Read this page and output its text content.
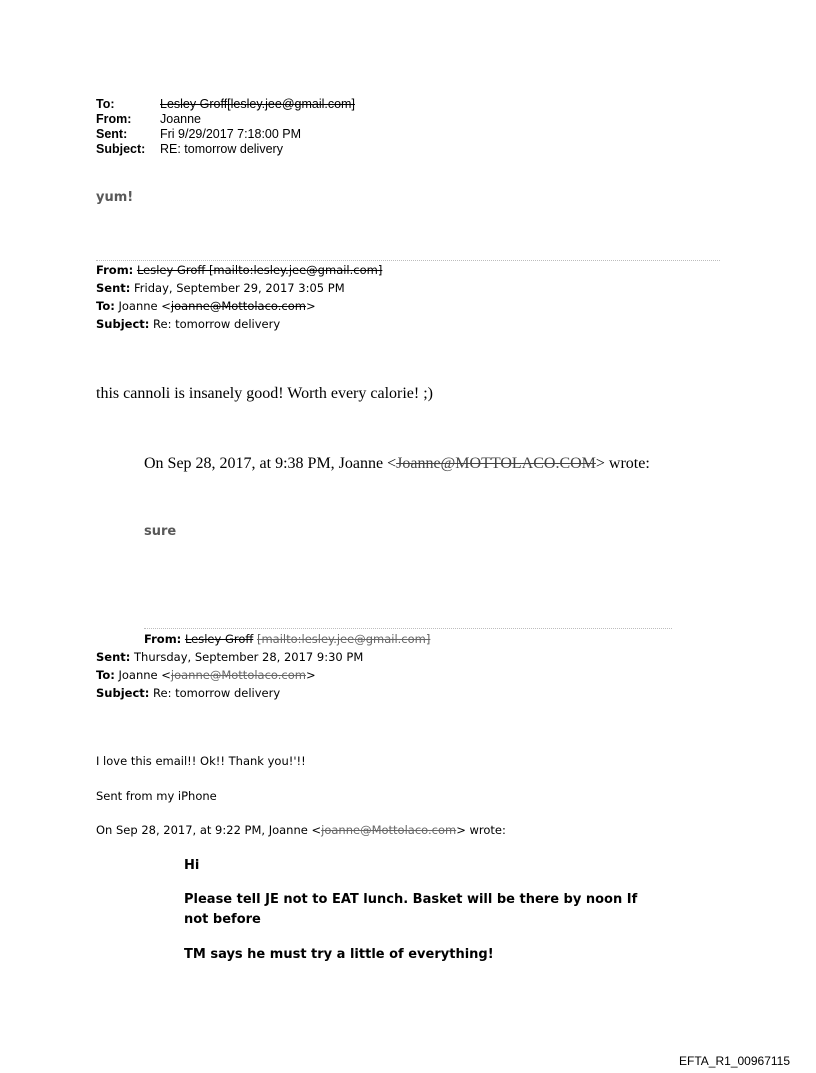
To:	Lesley Groff[lesley.jee@gmail.com]
From: Joanne
Sent:	Fri 9/29/2017 7:18:00 PM
Subject: RE: tomorrow delivery
yum!
From: Lesley Groff [mailto:lesley.jee@gmail.com]
Sent: Friday, September 29, 2017 3:05 PM
To: Joanne <joanne@Mottolaco.com>
Subject: Re: tomorrow delivery
this cannoli is insanely good! Worth every calorie! ;)
On Sep 28, 2017, at 9:38 PM, Joanne <Joanne@MOTTOLACO.COM> wrote:
sure
From: Lesley Groff [mailto:lesley.jee@gmail.com]
Sent: Thursday, September 28, 2017 9:30 PM
To: Joanne <joanne@Mottolaco.com>
Subject: Re: tomorrow delivery
I love this email!! Ok!! Thank you!'!!
Sent from my iPhone
On Sep 28, 2017, at 9:22 PM, Joanne <joanne@Mottolaco.com> wrote:
Hi
Please tell JE not to EAT lunch. Basket will be there by noon If not before
TM says he must try a little of everything!
EFTA_R1_00967115
